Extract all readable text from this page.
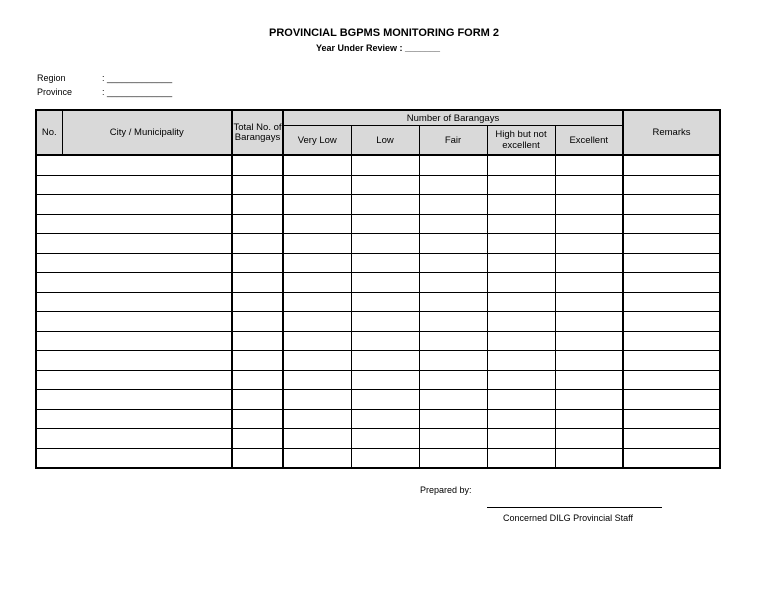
PROVINCIAL BGPMS MONITORING FORM 2
Year Under Review : _______
Region	: _____________
Province	: _____________
No.	City / Municipality	Total No. of Barangays	Number of Barangays					Remarks
			Very Low	Low	Fair	High but not excellent	Excellent	

Prepared by:
Concerned DILG Provincial Staff
